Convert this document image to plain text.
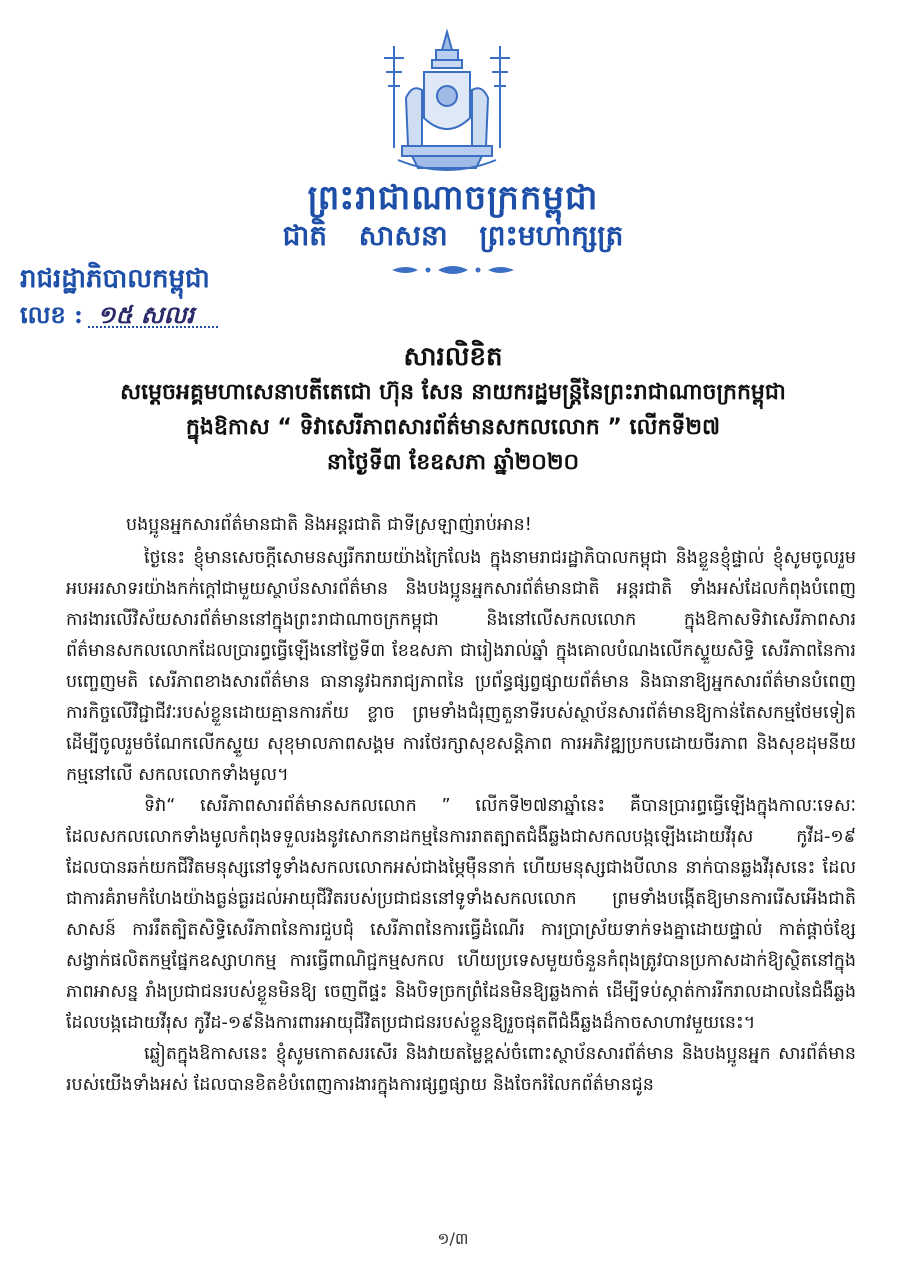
ព្រះរាជាណាចក្រកម្ពុជា
ជាតិ សាសនា ព្រះមហាក្សត្រ
រាជរដ្ឋាភិបាលកម្ពុជា
លេខ : ១៥ សលរ
សារលិខិត
សម្តេចអគ្គមហាសេនាបតីតេជោ ហ៊ុន សែន នាយករដ្ឋមន្ត្រីនៃព្រះរាជាណាចក្រកម្ពុជា
ក្នុងឱកាស “ ទិវាសេរីភាពសារព័ត៌មានសកលលោក ” លើកទី២៧
នាថ្ងៃទី៣ ខែឧសភា ឆ្នាំ២០២០

បងប្អូនអ្នកសារព័ត៌មានជាតិ និងអន្តរជាតិ ជាទីស្រឡាញ់រាប់អាន!

ថ្ងៃនេះ ខ្ញុំមានសេចក្តីសោមនស្សរីករាយយ៉ាងក្រៃលែង ក្នុងនាមរាជរដ្ឋាភិបាលកម្ពុជា និងខ្លួនខ្ញុំផ្ទាល់ ខ្ញុំសូមចូលរួមអបអរសាទរយ៉ាងកក់ក្តៅជាមួយស្ថាប័នសារព័ត៌មាន និងបងប្អូនអ្នកសារព័ត៌មានជាតិ អន្តរជាតិ ទាំងអស់ដែលកំពុងបំពេញការងារលើវិស័យសារព័ត៌មាននៅក្នុងព្រះរាជាណាចក្រកម្ពុជា និងនៅលើសកលលោក ក្នុងឱកាសទិវាសេរីភាពសារព័ត៌មានសកលលោកដែលប្រារព្ធធ្វើឡើងនៅថ្ងៃទី៣ ខែឧសភា ជារៀងរាល់ឆ្នាំ ក្នុងគោលបំណងលើកស្ទួយសិទ្ធិ សេរីភាពនៃការបញ្ចេញមតិ សេរីភាពខាងសារព័ត៌មាន ធានានូវឯករាជ្យភាពនៃ ប្រព័ន្ធផ្សព្វផ្សាយព័ត៌មាន និងធានាឱ្យអ្នកសារព័ត៌មានបំពេញការកិច្ចលើវិជ្ជាជីវៈរបស់ខ្លួនដោយគ្មានការភ័យ ខ្លាច ព្រមទាំងជំរុញតួនាទីរបស់ស្ថាប័នសារព័ត៌មានឱ្យកាន់តែសកម្មថែមទៀត ដើម្បីចូលរួមចំណែកលើកស្ទួយ សុខុមាលភាពសង្គម ការថែរក្សាសុខសន្តិភាព ការអភិវឌ្ឍប្រកបដោយចីរភាព និងសុខដុមនីយកម្មនៅលើ សកលលោកទាំងមូល។

ទិវា“ សេរីភាពសារព័ត៌មានសកលលោក ” លើកទី២៧នាឆ្នាំនេះ គឺបានប្រារព្ធធ្វើឡើងក្នុងកាលៈទេសៈ ដែលសកលលោកទាំងមូលកំពុងទទួលរងនូវសោកនាដកម្មនៃការរាតត្បាតជំងឺឆ្លងជាសកលបង្កឡើងដោយវីរុស កូវីដ-១៩ ដែលបានឆក់យកជីវិតមនុស្សនៅទូទាំងសកលលោកអស់ជាងម្ភៃម៉ឺននាក់ ហើយមនុស្សជាងបីលាន នាក់បានឆ្លងវីរុសនេះ ដែលជាការគំរាមកំហែងយ៉ាងធ្ងន់ធ្ងរដល់អាយុជីវិតរបស់ប្រជាជននៅទូទាំងសកលលោក ព្រមទាំងបង្កើតឱ្យមានការរើសអើងជាតិសាសន៍ ការរឹតត្បិតសិទ្ធិសេរីភាពនៃការជួបជុំ សេរីភាពនៃការធ្វើដំណើរ ការប្រាស្រ័យទាក់ទងគ្នាដោយផ្ទាល់ កាត់ផ្តាច់ខ្សែសង្វាក់ផលិតកម្មផ្នែកឧស្សាហកម្ម ការធ្វើពាណិជ្ជកម្មសកល ហើយប្រទេសមួយចំនួនកំពុងត្រូវបានប្រកាសដាក់ឱ្យស្ថិតនៅក្នុងភាពអាសន្ន រាំងប្រជាជនរបស់ខ្លួនមិនឱ្យ ចេញពីផ្ទះ និងបិទច្រកព្រំដែនមិនឱ្យឆ្លងកាត់ ដើម្បីទប់ស្កាត់ការរីករាលដាលនៃជំងឺឆ្លងដែលបង្កដោយវីរុស កូវីដ-១៩និងការពារអាយុជីវិតប្រជាជនរបស់ខ្លួនឱ្យរួចផុតពីជំងឺឆ្លងដ៏កាចសាហាវមួយនេះ។

ឆ្លៀតក្នុងឱកាសនេះ ខ្ញុំសូមកោតសរសើរ និងវាយតម្លៃខ្ពស់ចំពោះស្ថាប័នសារព័ត៌មាន និងបងប្អូនអ្នក សារព័ត៌មានរបស់យើងទាំងអស់ ដែលបានខិតខំបំពេញការងារក្នុងការផ្សព្វផ្សាយ និងចែករំលែកព័ត៌មានជូន

១/៣
